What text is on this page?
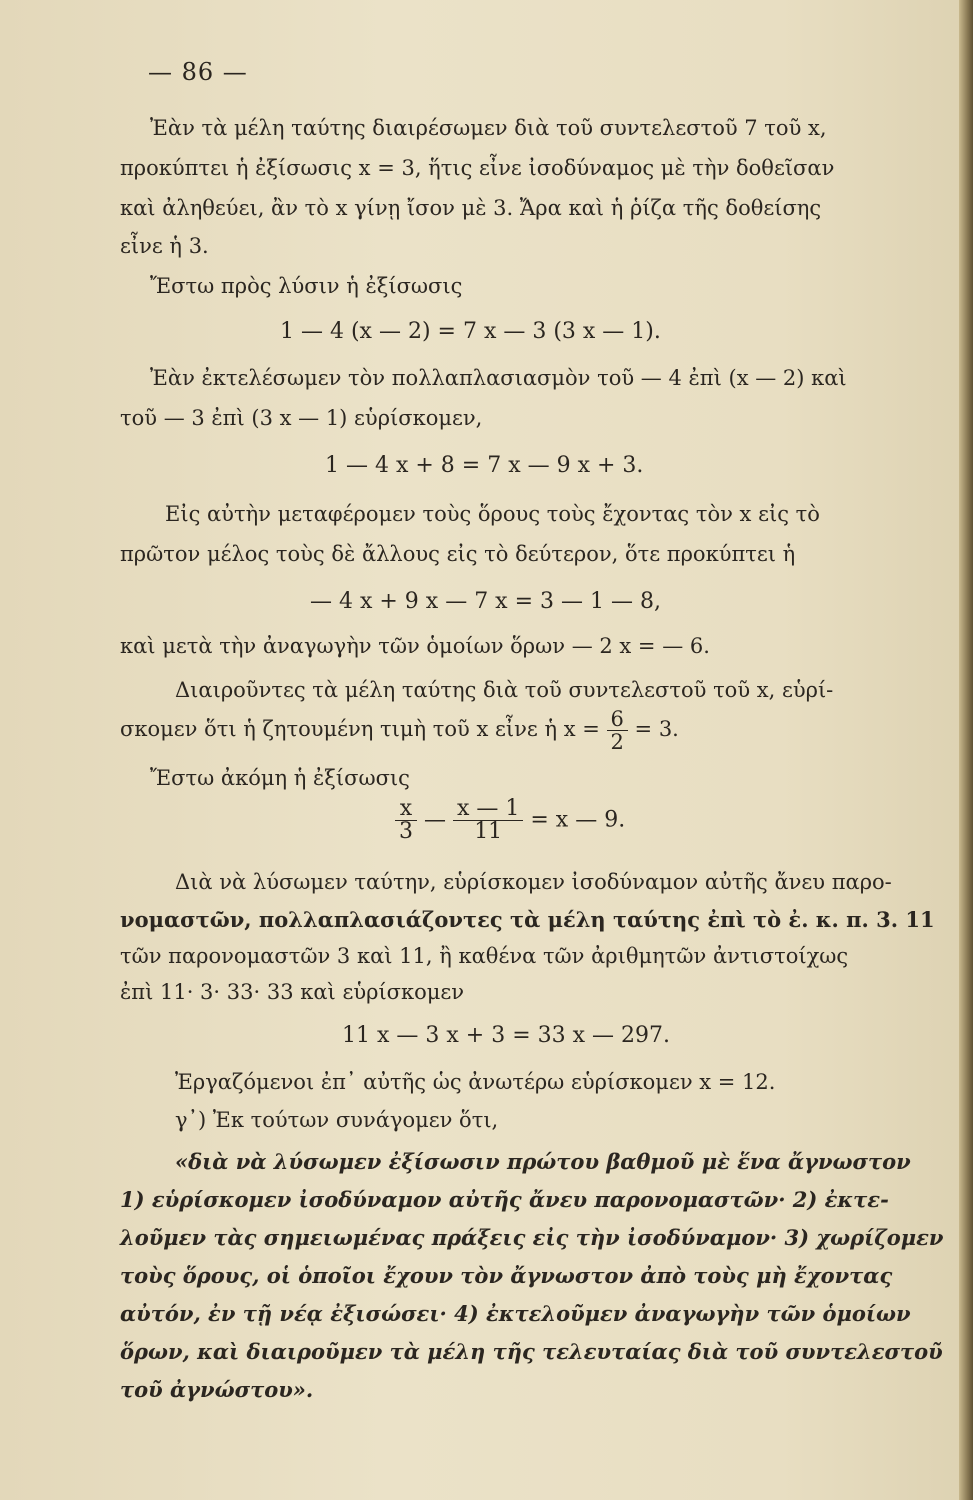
— 86 —
Ἐὰν τὰ μέλη ταύτης διαιρέσωμεν διὰ τοῦ συντελεστοῦ 7 τοῦ x,
προκύπτει ἡ ἐξίσωσις x = 3, ἥτις εἶνε ἰσοδύναμος μὲ τὴν δοθεῖσαν
καὶ ἀληθεύει, ἂν τὸ x γίνῃ ἴσον μὲ 3. Ἄρα καὶ ἡ ῥίζα τῆς δοθείσης
εἶνε ἡ 3.
Ἔστω πρὸς λύσιν ἡ ἐξίσωσις
1 — 4 (x — 2) = 7 x — 3 (3 x — 1).
Ἐὰν ἐκτελέσωμεν τὸν πολλαπλασιασμὸν τοῦ — 4 ἐπὶ (x — 2) καὶ
τοῦ — 3 ἐπὶ (3 x — 1) εὑρίσκομεν,
1 — 4 x + 8 = 7 x — 9 x + 3.
Εἰς αὐτὴν μεταφέρομεν τοὺς ὅρους τοὺς ἔχοντας τὸν x εἰς τὸ
πρῶτον μέλος τοὺς δὲ ἄλλους εἰς τὸ δεύτερον, ὅτε προκύπτει ἡ
— 4 x + 9 x — 7 x = 3 — 1 — 8,
καὶ μετὰ τὴν ἀναγωγὴν τῶν ὁμοίων ὅρων — 2 x = — 6.
Διαιροῦντες τὰ μέλη ταύτης διὰ τοῦ συντελεστοῦ τοῦ x, εὑρί-
σκομεν ὅτι ἡ ζητουμένη τιμὴ τοῦ x εἶνε ἡ $x = \frac{6}{2} = 3$.
Ἔστω ἀκόμη ἡ ἐξίσωσις
$\frac{x}{3}$ — $\frac{x — 1}{11} = x$ — 9.
Διὰ νὰ λύσωμεν ταύτην, εὑρίσκομεν ἰσοδύναμον αὐτῆς ἄνευ παρο-
νομαστῶν, πολλαπλασιάζοντες τὰ μέλη ταύτης ἐπὶ τὸ ἐ. κ. π. 3. 11
τῶν παρονομαστῶν 3 καὶ 11, ἢ καθένα τῶν ἀριθμητῶν ἀντιστοίχως
ἐπὶ 11· 3· 33· 33 καὶ εὑρίσκομεν
11 x — 3 x + 3 = 33 x — 297.
Ἐργαζόμενοι ἐπ᾽ αὐτῆς ὡς ἀνωτέρω εὑρίσκομεν x = 12.
γ᾽) Ἐκ τούτων συνάγομεν ὅτι,
«διὰ νὰ λύσωμεν ἐξίσωσιν πρώτου βαθμοῦ μὲ ἕνα ἄγνωστον
1) εὑρίσκομεν ἰσοδύναμον αὐτῆς ἄνευ παρονομαστῶν· 2) ἐκτε-
λοῦμεν τὰς σημειωμένας πράξεις εἰς τὴν ἰσοδύναμον· 3) χωρίζομεν
τοὺς ὅρους, οἱ ὁποῖοι ἔχουν τὸν ἄγνωστον ἀπὸ τοὺς μὴ ἔχοντας
αὐτόν, ἐν τῇ νέᾳ ἐξισώσει· 4) ἐκτελοῦμεν ἀναγωγὴν τῶν ὁμοίων
ὅρων, καὶ διαιροῦμεν τὰ μέλη τῆς τελευταίας διὰ τοῦ συντελεστοῦ
τοῦ ἀγνώστου».
